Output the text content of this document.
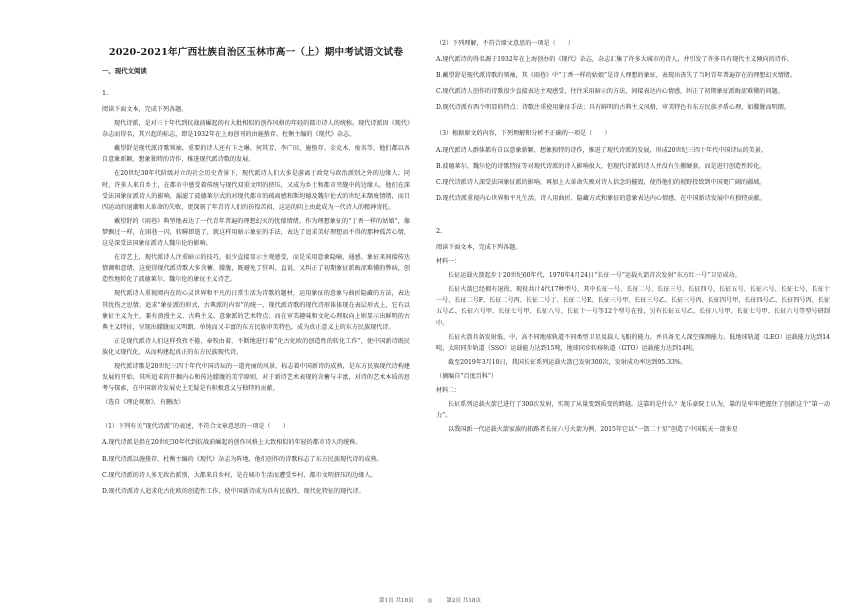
2020-2021年广西壮族自治区玉林市高一（上）期中考试语文试卷
一、现代文阅读
1.

阅读下面文本，完成下列各题。

现代诗派，是对三十年代到抗战前崛起的有大批相似的创作风格的年轻的都市诗人的统称。现代诗派因《现代》杂志而得名，其兴起的标志，即是1932年在上海创刊的由施蛰存、杜衡主编的《现代》杂志。

戴望舒是现代派诗歌领袖，重要的诗人还有卞之琳、何其芳、李广田、施蛰存、金克木、废名等，他们都以各自意象新颖、想象独特的诗作，推进现代派诗歌的发展。

在20世纪30年代阶级对立的社会历史背景下，现代派诗人们大多是游离于政党与政治派别之外的边缘人；同时，许多人来自乡土，在都市中感受着传统与现代双重文明的挤压，又成为乡土和都市夹缝中的边缘人。他们在深受法国象征派诗人的影响，漏滤了波德莱尔式的对现代都市的疏离感和斯坦德及魏尔伦式的世纪末颓废情绪，而且四运动的退潮和大革命的失败，更深刻了年青诗人们的彷徨苦闷，这运的阴上由此成为一代诗人的精神寄托。

戴望舒的《雨巷》典型地表达了一代青年普遍的理想幻灭的忧郁情绪。作为理想象征的“丁香一样的姑娘”，像梦飘过一样，在雨巷一闪，转瞬即逝了，就这样用暗示象征的手法，表达了追求美好理想而不得的那种孤苦心情，这是深受法国象征派诗人魏尔伦的影响。

在诗艺上，现代派诗人注重暗示的技巧，很少直接显示主观感受，而是采用意象隐喻、通感、象征来间接传达情调和意绪，这使得现代派诗歌大多含蓄、朦胧，既避免了狂叫、直说，又纠正了初期象征派晦涩难懂的弊病，创造性地转化了波德莱尔、魏尔伦的象征主义诗艺。

现代派诗人重视阅内在的心灵世界和平凡的日常生活为诗歌的题材，运用象征的意象与曲折隐藏的方法，表达其忧伤之思情，追求“象征派的形式，古典派的内容”的统一，现代派诗歌的现代诗形体体现在表层形式上，它有以象征主义为主，兼有浪漫主义、古典主义、意象派的艺术特点；而在审美趣味和文化心理取向上则显示出鲜明的古典主义特征，呈现出朦胧而又明朗、单纯而又丰富的东方民族审美特色，成为真正意义上的东方民族现代诗。

正是现代派诗人们这样孜孜不倦，奉牧由着，不断地进行着“化古化欧的创造性的转化工作”，使中国新诗既民族化又现代化，从而构建起真正的东方民族现代诗。

现代派诗歌是20世纪三四十年代中国诗坛的一道亮丽的风景，标志着中国新诗的成熟，是东方民族现代诗构建发展的开始。其所追求的开掘内心和传达朦胧的美学原则，对于新诗艺术表现的含蓄与丰富，对诗的艺术本质的思考与探索，在中国新诗发展史上无疑是有积极意义与独特的贡献。

（选自《理论观察》，有删改）

（1）下列有关“现代诗派”的表述，不符合文章意思的一项是（　　）

A.现代诗派是指在20世纪30年代到抗战前崛起的创作风格上大致相似的年轻的都市诗人的统称。

B.现代诗派以施蛰存、杜衡主编的《现代》杂志为阵地，他们创作的诗歌标志了东方民族现代诗的成熟。

C.现代诗派的诗人多无政治派别，大都来自乡村，是在城市生活而遭受乡村、都市文明挤压的边缘人。

D.现代诗派诗人追求化古化欧的创造性工作，使中国新诗成为具有民族性、现代化特征的现代诗。

（2）下列理解，不符合原文意思的一项是（　　）

A.现代派诗的得名源于1932年在上海创办的《现代》杂志，杂志汇集了许多大城市的诗人，并引发了许多具有现代主义倾向的诗作。

B.戴望舒是现代派诗歌的领袖，其《雨巷》中“丁香一样的姑娘”是诗人理想的象征，表现出丧失了当时青年普遍存在的理想幻灭情绪。

C.现代派诗人创作的诗歌很少直接表达主观感受，往往采用暗示的方法，间接表达内心情感，纠正了初期象征派晦涩难懂的问题。

D.现代诗派有西个明显的特点：诗歌注重使用象征手法；具有鲜明的古典主义风格，审美特色有东方民族矛盾心理，如朦胧而明朗。

（3）根据原文的内容，下列理解和分析不正确的一项是（　　）

A.现代派诗人群体都有自以意象新颖、想象独特的诗作，推进了现代诗派的发展，形成20世纪三四十年代中国诗坛的美景。

B.波德莱尔、魏尔伦的诗歌特征等对现代诗派的诗人影响很大，但现代诗派的诗人并没有生搬硬套，而是进行创造性转化。

C.现代诗派诗人深受法国象征派的影响，再加上大革命失败对诗人信念的摧毁，使得他们的视野投致到中国更广阔的疆域。

D.现代诗派重视内心世界和平凡生活，诗人用曲折、隐藏方式和象征的意象表达内心情感，在中国新诗发展中有独特贡献。

2.

阅读下面文本，完成下列各题。

材料一：

长征运载火箭起步于20世纪60年代，1970年4月24日“长征一号”运载火箭首次发射“东方红一号”卫星成功。

长征火箭已经拥有退役、现役共计4代17种型号，其中长征一号、长征二号、长征三号、长征四号、长征五号、长征六号、长征七号、长征十一号、长征二号F、长征二号丙、长征二号丁、长征二号E、长征三号甲、长征三号乙、长征三号丙、长征四号甲、长征四号乙、长征四号丙、长征五号乙、长征六号甲、长征七号甲、长征八号、长征十一号等12个型号在役，另有长征五号乙、长征八号甲、长征七号甲、长征六号等型号研制中。

长征火箭具备发射低、中、高不同地球轨道不同类型卫星及载人飞船的能力，并具备无人深空探测能力。低地球轨道（LEO）运载能力达到14吨，太阳同步轨道（SSO）运载能力达到15吨，地球同步转移轨道（GTO）运载能力达到14吨。

截至2019年3月10日，我国长征系列运载火箭已发射300次，发射成功率达到95.33%。

（摘编自“百度百科”）

材料二：

长征系列运载火箭已进行了300次发射，实现了从量变到质变的跨越。这靠的是什么？龙乐豪院士认为，靠的是牢牢把握住了创新这个“第一动力”。

以我国新一代运载火箭家族的拓路者长征六号火箭为例，2015年它以“一箭二十星”创造了中国航天一箭多星

第1页 共18页 ◎ 第2页 共18页
